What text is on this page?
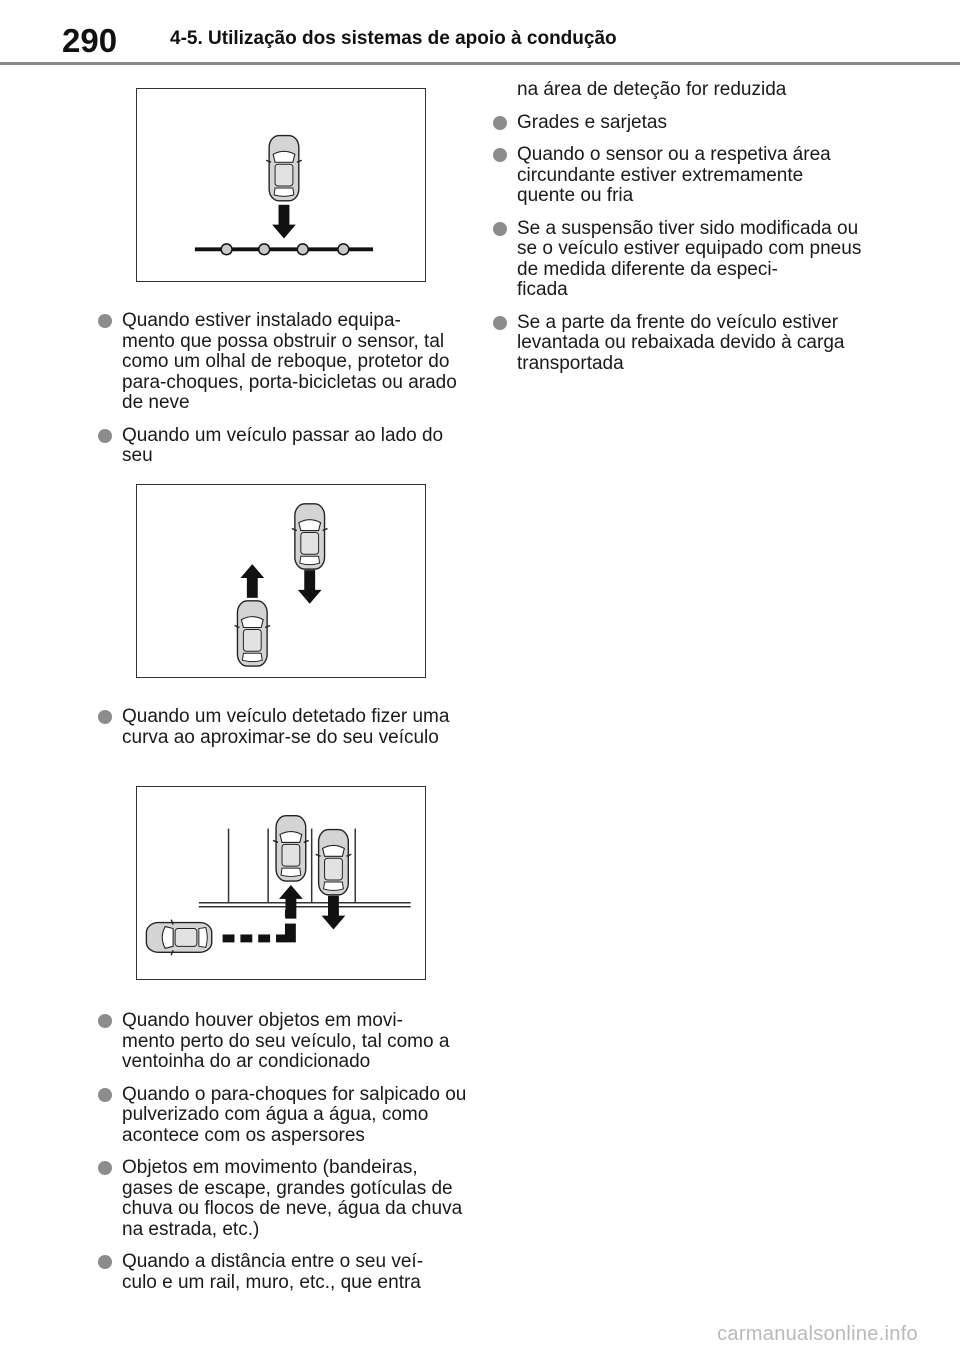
290	4-5. Utilização dos sistemas de apoio à condução
Quando estiver instalado equipa-
mento que possa obstruir o sensor, tal como um olhal de reboque, protetor do para-choques, porta-bicicletas ou arado de neve
Quando um veículo passar ao lado do seu
Quando um veículo detetado fizer uma curva ao aproximar-se do seu veículo
Quando houver objetos em movi-
mento perto do seu veículo, tal como a ventoinha do ar condicionado
Quando o para-choques for salpicado ou pulverizado com água a água, como acontece com os aspersores
Objetos em movimento (bandeiras, gases de escape, grandes gotículas de chuva ou flocos de neve, água da chuva na estrada, etc.)
Quando a distância entre o seu veí-
culo e um rail, muro, etc., que entra
na área de deteção for reduzida
Grades e sarjetas
Quando o sensor ou a respetiva área circundante estiver extremamente quente ou fria
Se a suspensão tiver sido modificada ou se o veículo estiver equipado com pneus de medida diferente da especi-
ficada
Se a parte da frente do veículo estiver levantada ou rebaixada devido à carga transportada
carmanualsonline.info
